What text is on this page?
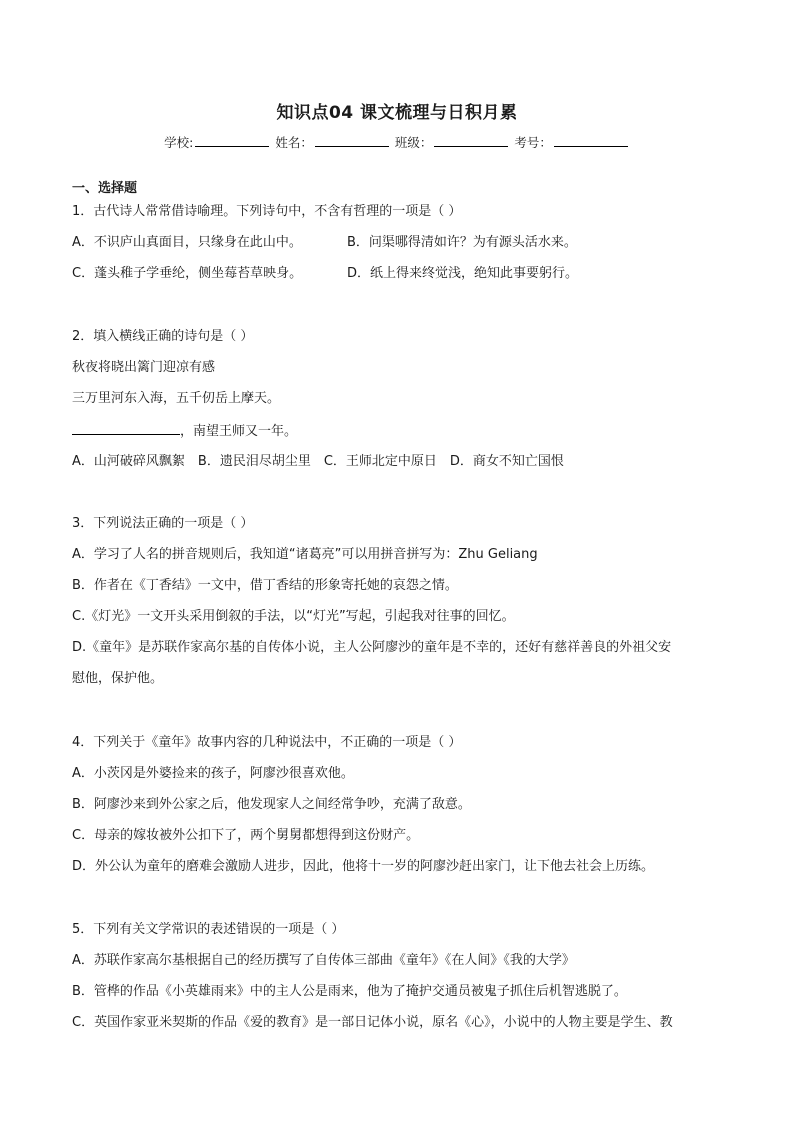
知识点04 课文梳理与日积月累
学校:	姓名：	班级：	考号：
一、选择题
1．古代诗人常常借诗喻理。下列诗句中，不含有哲理的一项是（ ）
A．不识庐山真面目，只缘身在此山中。	B．问渠哪得清如许？为有源头活水来。
C．蓬头稚子学垂纶，侧坐莓苔草映身。	D．纸上得来终觉浅，绝知此事要躬行。
2．填入横线正确的诗句是（ ）
秋夜将晓出篱门迎凉有感
三万里河东入海，五千仞岳上摩天。
，南望王师又一年。
A．山河破碎风飘絮 B．遗民泪尽胡尘里 C．王师北定中原日 D．商女不知亡国恨
3．下列说法正确的一项是（ ）
A．学习了人名的拼音规则后，我知道“诸葛亮”可以用拼音拼写为：Zhu Geliang
B．作者在《丁香结》一文中，借丁香结的形象寄托她的哀怨之情。
C.《灯光》一文开头采用倒叙的手法，以“灯光”写起，引起我对往事的回忆。
D.《童年》是苏联作家高尔基的自传体小说，主人公阿廖沙的童年是不幸的，还好有慈祥善良的外祖父安
慰他，保护他。
4．下列关于《童年》故事内容的几种说法中，不正确的一项是（ ）
A．小茨冈是外婆捡来的孩子，阿廖沙很喜欢他。
B．阿廖沙来到外公家之后，他发现家人之间经常争吵，充满了敌意。
C．母亲的嫁妆被外公扣下了，两个舅舅都想得到这份财产。
D．外公认为童年的磨难会激励人进步，因此，他将十一岁的阿廖沙赶出家门，让下他去社会上历练。
5．下列有关文学常识的表述错误的一项是（ ）
A．苏联作家高尔基根据自己的经历撰写了自传体三部曲《童年》《在人间》《我的大学》
B．管桦的作品《小英雄雨来》中的主人公是雨来，他为了掩护交通员被鬼子抓住后机智逃脱了。
C．英国作家亚米契斯的作品《爱的教育》是一部日记体小说，原名《心》，小说中的人物主要是学生、教
